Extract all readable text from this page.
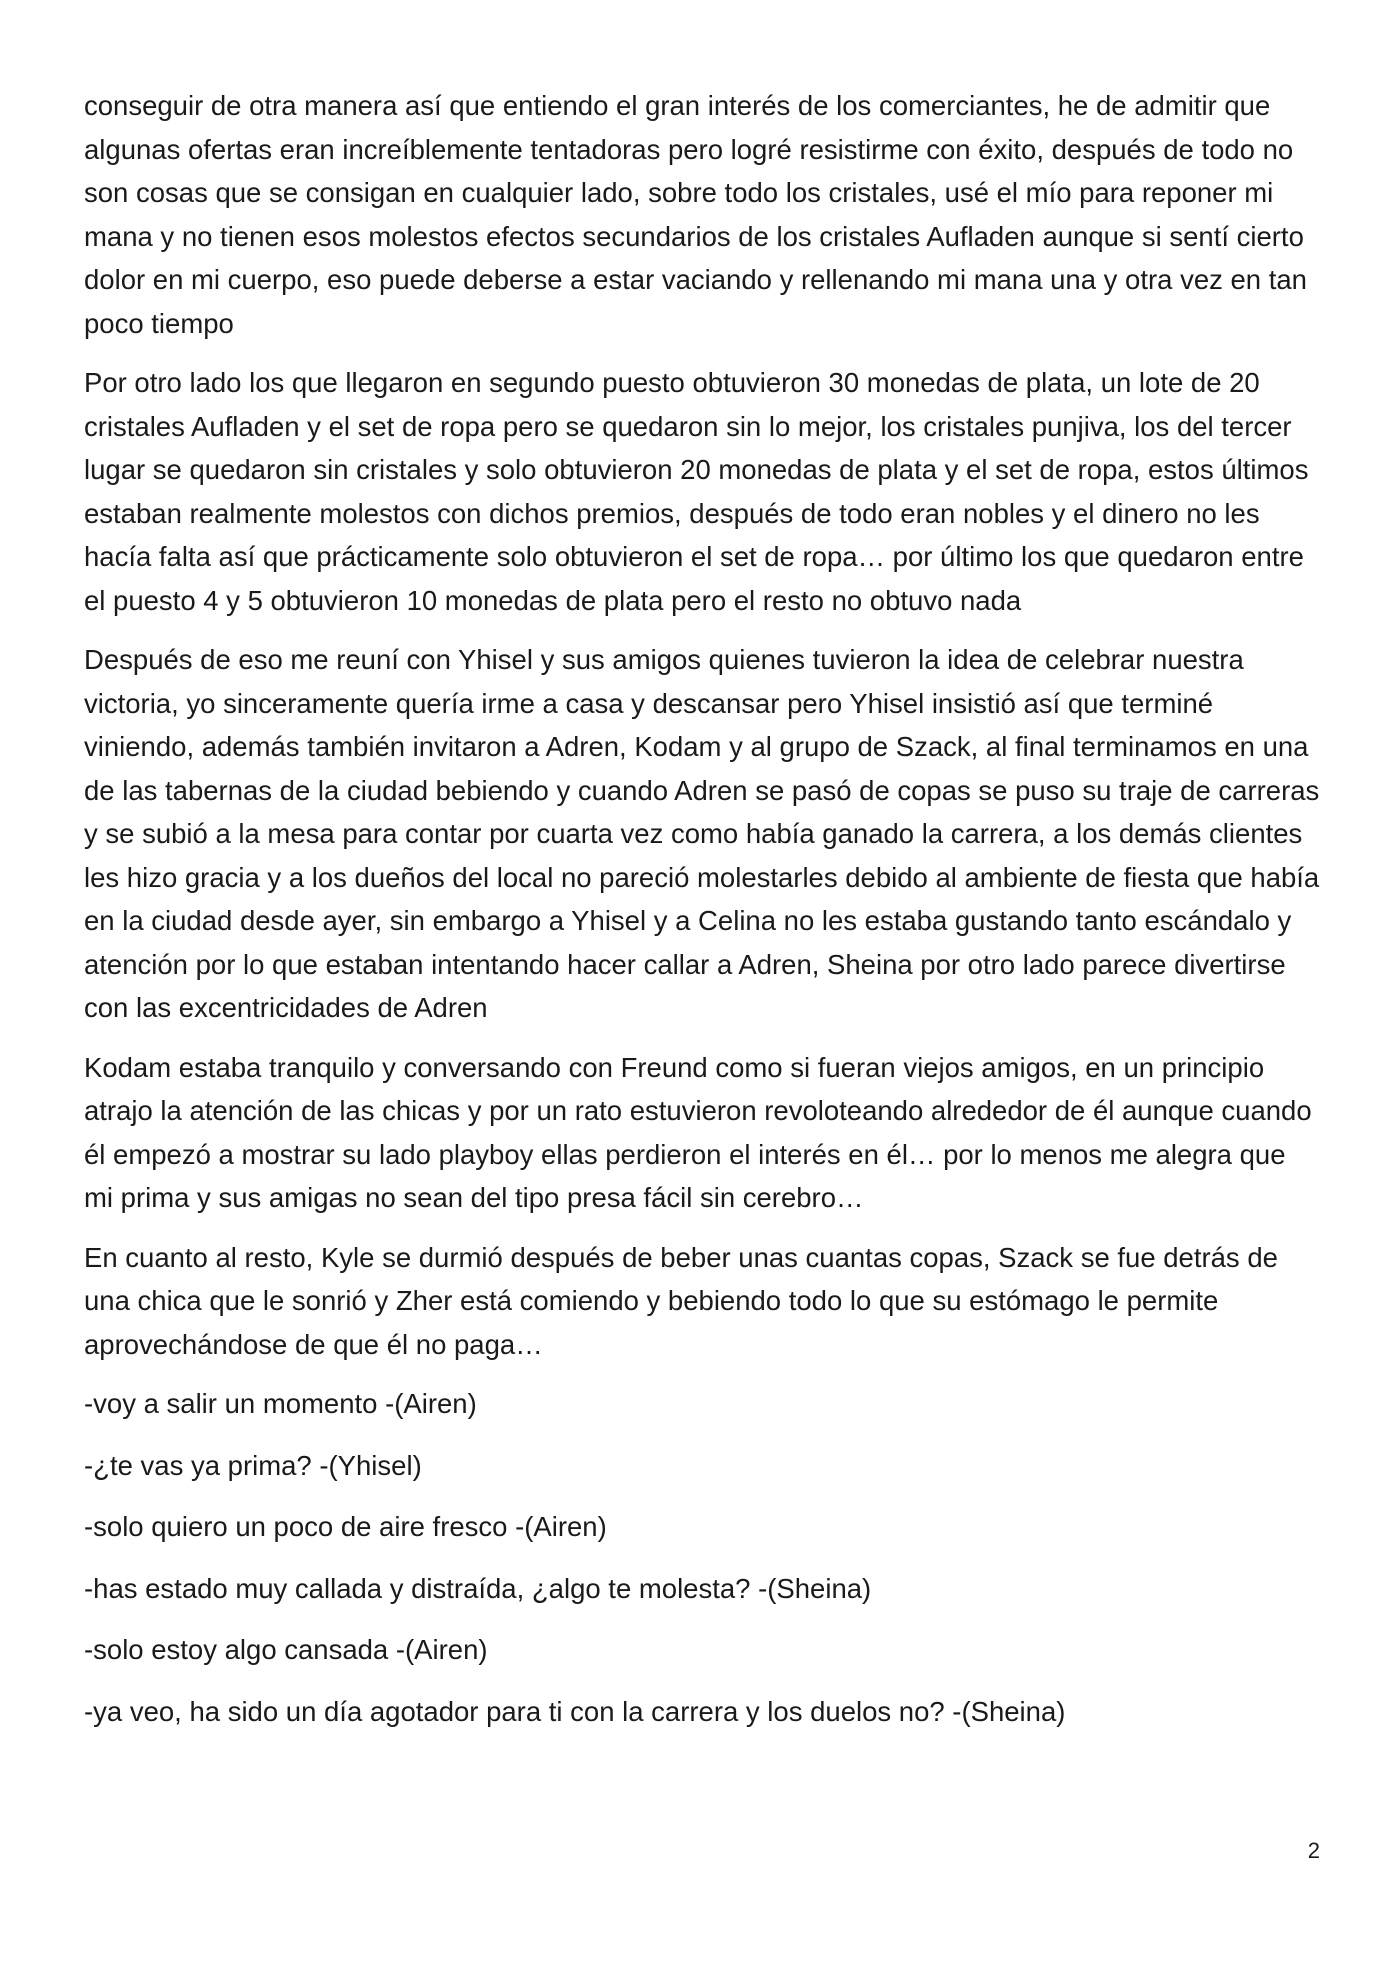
conseguir de otra manera así que entiendo el gran interés de los comerciantes, he de admitir que algunas ofertas eran increíblemente tentadoras pero logré resistirme con éxito, después de todo no son cosas que se consigan en cualquier lado, sobre todo los cristales, usé el mío para reponer mi mana y no tienen esos molestos efectos secundarios de los cristales Aufladen aunque si sentí cierto dolor en mi cuerpo, eso puede deberse a estar vaciando y rellenando mi mana una y otra vez en tan poco tiempo

Por otro lado los que llegaron en segundo puesto obtuvieron 30 monedas de plata, un lote de 20 cristales Aufladen y el set de ropa pero se quedaron sin lo mejor, los cristales punjiva, los del tercer lugar se quedaron sin cristales y solo obtuvieron 20 monedas de plata y el set de ropa, estos últimos estaban realmente molestos con dichos premios, después de todo eran nobles y el dinero no les hacía falta así que prácticamente solo obtuvieron el set de ropa… por último los que quedaron entre el puesto 4 y 5 obtuvieron 10 monedas de plata pero el resto no obtuvo nada

Después de eso me reuní con Yhisel y sus amigos quienes tuvieron la idea de celebrar nuestra victoria, yo sinceramente quería irme a casa y descansar pero Yhisel insistió así que terminé viniendo, además también invitaron a Adren, Kodam y al grupo de Szack, al final terminamos en una de las tabernas de la ciudad bebiendo y cuando Adren se pasó de copas se puso su traje de carreras y se subió a la mesa para contar por cuarta vez como había ganado la carrera, a los demás clientes les hizo gracia y a los dueños del local no pareció molestarles debido al ambiente de fiesta que había en la ciudad desde ayer, sin embargo a Yhisel y a Celina no les estaba gustando tanto escándalo y atención por lo que estaban intentando hacer callar a Adren, Sheina por otro lado parece divertirse con las excentricidades de Adren

Kodam estaba tranquilo y conversando con Freund como si fueran viejos amigos, en un principio atrajo la atención de las chicas y por un rato estuvieron revoloteando alrededor de él aunque cuando él empezó a mostrar su lado playboy ellas perdieron el interés en él… por lo menos me alegra que mi prima y sus amigas no sean del tipo presa fácil sin cerebro…

En cuanto al resto, Kyle se durmió después de beber unas cuantas copas, Szack se fue detrás de una chica que le sonrió y Zher está comiendo y bebiendo todo lo que su estómago le permite aprovechándose de que él no paga…

-voy a salir un momento -(Airen)

-¿te vas ya prima? -(Yhisel)

-solo quiero un poco de aire fresco -(Airen)

-has estado muy callada y distraída, ¿algo te molesta? -(Sheina)

-solo estoy algo cansada -(Airen)

-ya veo, ha sido un día agotador para ti con la carrera y los duelos no? -(Sheina)

2
